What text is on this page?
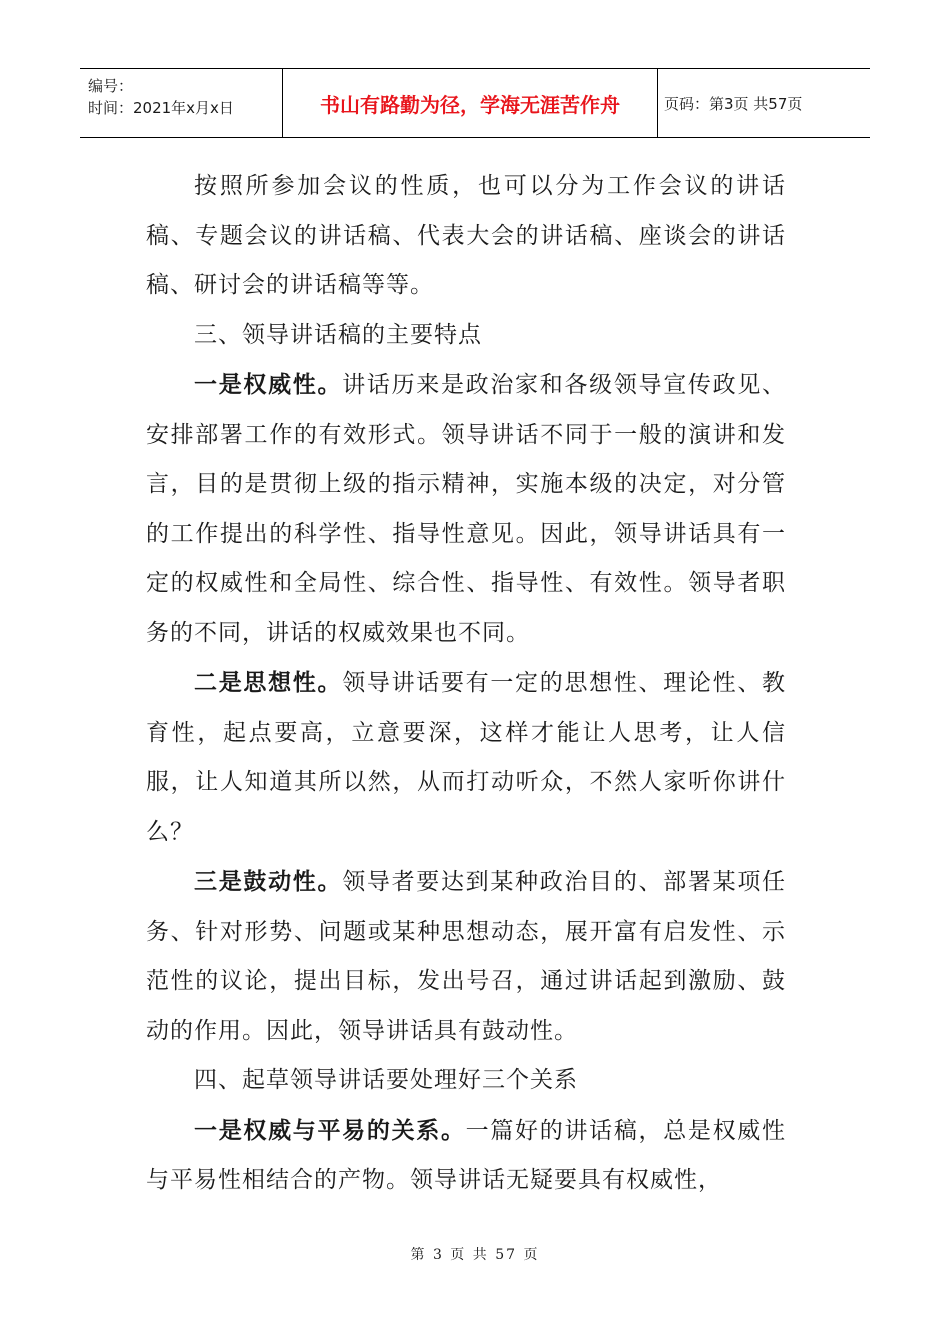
编号：
时间：2021年x月x日	书山有路勤为径，学海无涯苦作舟	页码：第3页 共57页

按照所参加会议的性质，也可以分为工作会议的讲话稿、专题会议的讲话稿、代表大会的讲话稿、座谈会的讲话稿、研讨会的讲话稿等等。

三、领导讲话稿的主要特点

一是权威性。讲话历来是政治家和各级领导宣传政见、安排部署工作的有效形式。领导讲话不同于一般的演讲和发言，目的是贯彻上级的指示精神，实施本级的决定，对分管的工作提出的科学性、指导性意见。因此，领导讲话具有一定的权威性和全局性、综合性、指导性、有效性。领导者职务的不同，讲话的权威效果也不同。

二是思想性。领导讲话要有一定的思想性、理论性、教育性，起点要高，立意要深，这样才能让人思考，让人信服，让人知道其所以然，从而打动听众，不然人家听你讲什么？

三是鼓动性。领导者要达到某种政治目的、部署某项任务、针对形势、问题或某种思想动态，展开富有启发性、示范性的议论，提出目标，发出号召，通过讲话起到激励、鼓动的作用。因此，领导讲话具有鼓动性。

四、起草领导讲话要处理好三个关系

一是权威与平易的关系。一篇好的讲话稿，总是权威性与平易性相结合的产物。领导讲话无疑要具有权威性，

第 3 页 共 57 页
